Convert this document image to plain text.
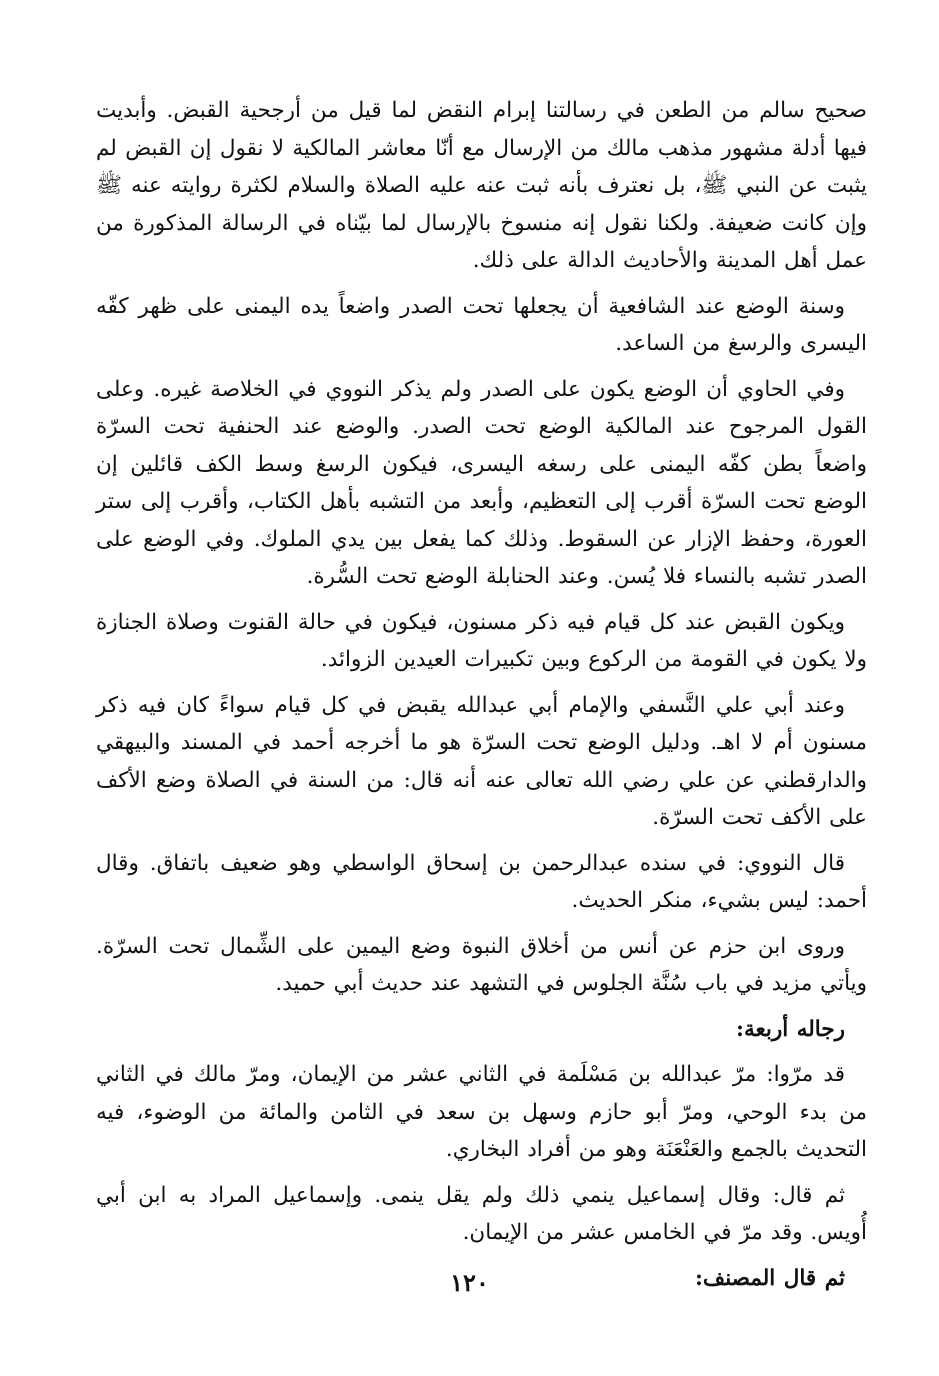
صحيح سالم من الطعن في رسالتنا إبرام النقض لما قيل من أرجحية القبض. وأبديت فيها أدلة مشهور مذهب مالك من الإرسال مع أنّا معاشر المالكية لا نقول إن القبض لم يثبت عن النبي ﷺ، بل نعترف بأنه ثبت عنه عليه الصلاة والسلام لكثرة روايته عنه ﷺ وإن كانت ضعيفة. ولكنا نقول إنه منسوخ بالإرسال لما بيّناه في الرسالة المذكورة من عمل أهل المدينة والأحاديث الدالة على ذلك.

وسنة الوضع عند الشافعية أن يجعلها تحت الصدر واضعاً يده اليمنى على ظهر كفّه اليسرى والرسغ من الساعد.

وفي الحاوي أن الوضع يكون على الصدر ولم يذكر النووي في الخلاصة غيره. وعلى القول المرجوح عند المالكية الوضع تحت الصدر. والوضع عند الحنفية تحت السرّة واضعاً بطن كفّه اليمنى على رسغه اليسرى، فيكون الرسغ وسط الكف قائلين إن الوضع تحت السرّة أقرب إلى التعظيم، وأبعد من التشبه بأهل الكتاب، وأقرب إلى ستر العورة، وحفظ الإزار عن السقوط. وذلك كما يفعل بين يدي الملوك. وفي الوضع على الصدر تشبه بالنساء فلا يُسن. وعند الحنابلة الوضع تحت السُّرة.

ويكون القبض عند كل قيام فيه ذكر مسنون، فيكون في حالة القنوت وصلاة الجنازة ولا يكون في القومة من الركوع وبين تكبيرات العيدين الزوائد.

وعند أبي علي النَّسفي والإمام أبي عبدالله يقبض في كل قيام سواءً كان فيه ذكر مسنون أم لا اهـ. ودليل الوضع تحت السرّة هو ما أخرجه أحمد في المسند والبيهقي والدارقطني عن علي رضي الله تعالى عنه أنه قال: من السنة في الصلاة وضع الأكف على الأكف تحت السرّة.

قال النووي: في سنده عبدالرحمن بن إسحاق الواسطي وهو ضعيف باتفاق. وقال أحمد: ليس بشيء، منكر الحديث.

وروى ابن حزم عن أنس من أخلاق النبوة وضع اليمين على الشِّمال تحت السرّة. ويأتي مزيد في باب سُنَّة الجلوس في التشهد عند حديث أبي حميد.

رجاله أربعة:

قد مرّوا: مرّ عبدالله بن مَسْلَمة في الثاني عشر من الإيمان، ومرّ مالك في الثاني من بدء الوحي، ومرّ أبو حازم وسهل بن سعد في الثامن والمائة من الوضوء، فيه التحديث بالجمع والعَنْعَنَة وهو من أفراد البخاري.

ثم قال: وقال إسماعيل ينمي ذلك ولم يقل ينمى. وإسماعيل المراد به ابن أبي أُويس. وقد مرّ في الخامس عشر من الإيمان.

ثم قال المصنف:

١٢٠
